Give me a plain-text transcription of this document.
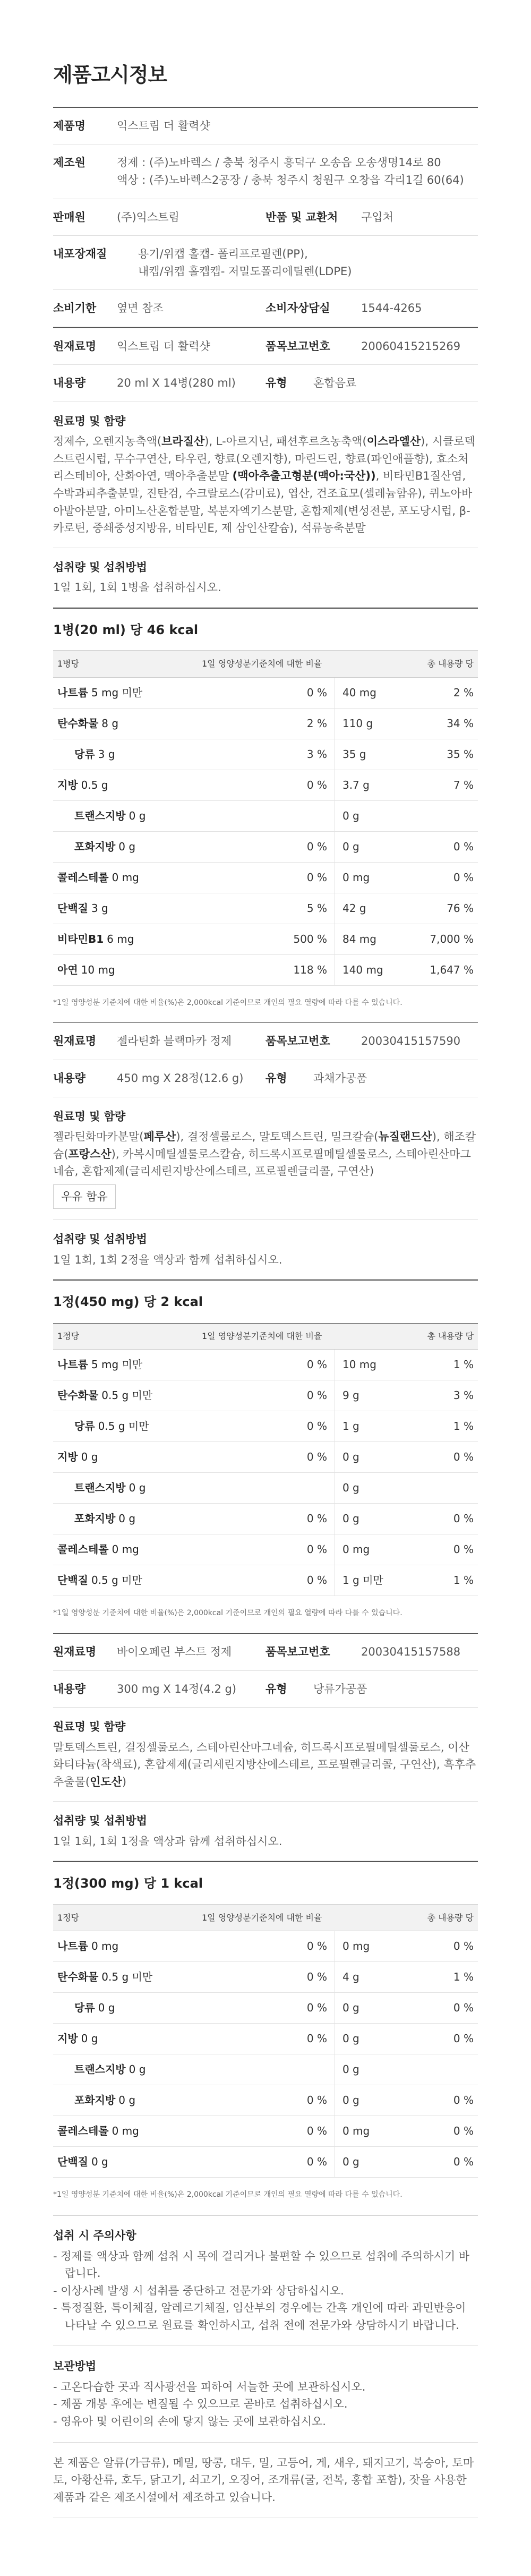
제품고시정보
제품명	익스트림 더 활력샷
제조원	정제 : (주)노바렉스 / 충북 청주시 흥덕구 오송읍 오송생명14로 80
액상 : (주)노바렉스2공장 / 충북 청주시 청원구 오창읍 각리1길 60(64)
판매원	(주)익스트림	반품 및 교환처	구입처
내포장재질	용기/위캡 홀캡- 폴리프로필렌(PP),
내캡/위캡 홀캡캡- 저밀도폴리에틸렌(LDPE)
소비기한	옆면 참조	소비자상담실	1544-4265
원재료명	익스트림 더 활력샷	품목보고번호	20060415215269
내용량	20 ml X 14병(280 ml)	유형	혼합음료
원료명 및 함량
정제수, 오렌지농축액(브라질산), L-아르지닌, 패션후르츠농축액(이스라엘산), 시클로덱스트린시럽, 무수구연산, 타우린, 향료(오렌지향), 마린드린, 향료(파인애플향), 효소처리스테비아, 산화아연, 맥아추출분말 (맥아추출고형분(맥아:국산)), 비타민B1질산염, 수박과피추출분말, 진탄검, 수크랄로스(감미료), 엽산, 건조효모(셀레늄함유), 퀴노아바아발아분말, 아미노산혼합분말, 복분자엑기스분말, 혼합제제(변성전분, 포도당시럽, β-카로틴, 중쇄중성지방유, 비타민E, 제 삼인산칼슘), 석류농축분말
섭취량 및 섭취방법
1일 1회, 1회 1병을 섭취하십시오.
1병(20 ml) 당 46 kcal
1병당	1일 영양성분기준치에 대한 비율		총 내용량 당
나트륨 5 mg 미만	0 %	40 mg	2 %
탄수화물 8 g	2 %	110 g	34 %
당류 3 g	3 %	35 g	35 %
지방 0.5 g	0 %	3.7 g	7 %
트랜스지방 0 g		0 g	
포화지방 0 g	0 %	0 g	0 %
콜레스테롤 0 mg	0 %	0 mg	0 %
단백질 3 g	5 %	42 g	76 %
비타민B1 6 mg	500 %	84 mg	7,000 %
아연 10 mg	118 %	140 mg	1,647 %
*1일 영양성분 기준치에 대한 비율(%)은 2,000kcal 기준이므로 개인의 필요 열량에 따라 다를 수 있습니다.
원재료명	젤라틴화 블랙마카 정제	품목보고번호	20030415157590
내용량	450 mg X 28정(12.6 g) 유형	과채가공품
원료명 및 함량
젤라틴화마카분말(페루산), 결정셀룰로스, 말토덱스트린, 밀크칼슘(뉴질랜드산), 해조칼슘(프랑스산), 카복시메틸셀룰로스칼슘, 히드록시프로필메틸셀룰로스, 스테아린산마그네슘, 혼합제제(글리세린지방산에스테르, 프로필렌글리콜, 구연산)
우유 함유
섭취량 및 섭취방법
1일 1회, 1회 2정을 액상과 함께 섭취하십시오.
1정(450 mg) 당 2 kcal
1정당	1일 영양성분기준치에 대한 비율		총 내용량 당
나트륨 5 mg 미만	0 %	10 mg	1 %
탄수화물 0.5 g 미만	0 %	9 g	3 %
당류 0.5 g 미만	0 %	1 g	1 %
지방 0 g	0 %	0 g	0 %
트랜스지방 0 g		0 g	
포화지방 0 g	0 %	0 g	0 %
콜레스테롤 0 mg	0 %	0 mg	0 %
단백질 0.5 g 미만	0 %	1 g 미만	1 %
*1일 영양성분 기준치에 대한 비율(%)은 2,000kcal 기준이므로 개인의 필요 열량에 따라 다를 수 있습니다.
원재료명	바이오페린 부스트 정제	품목보고번호	20030415157588
내용량	300 mg X 14정(4.2 g)	유형	당류가공품
원료명 및 함량
말토덱스트린, 결정셀룰로스, 스테아린산마그네슘, 히드록시프로필메틸셀룰로스, 이산화티타늄(착색료), 혼합제제(글리세린지방산에스테르, 프로필렌글리콜, 구연산), 흑후추추출물(인도산)
섭취량 및 섭취방법
1일 1회, 1회 1정을 액상과 함께 섭취하십시오.
1정(300 mg) 당 1 kcal
1정당	1일 영양성분기준치에 대한 비율		총 내용량 당
나트륨 0 mg	0 %	0 mg	0 %
탄수화물 0.5 g 미만	0 %	4 g	1 %
당류 0 g	0 %	0 g	0 %
지방 0 g	0 %	0 g	0 %
트랜스지방 0 g		0 g	
포화지방 0 g	0 %	0 g	0 %
콜레스테롤 0 mg	0 %	0 mg	0 %
단백질 0 g	0 %	0 g	0 %
*1일 영양성분 기준치에 대한 비율(%)은 2,000kcal 기준이므로 개인의 필요 열량에 따라 다를 수 있습니다.
섭취 시 주의사항
- 정제를 액상과 함께 섭취 시 목에 걸리거나 불편할 수 있으므로 섭취에 주의하시기 바랍니다.
- 이상사례 발생 시 섭취를 중단하고 전문가와 상담하십시오.
- 특정질환, 특이체질, 알레르기체질, 임산부의 경우에는 간혹 개인에 따라 과민반응이 나타날 수 있으므로 원료를 확인하시고, 섭취 전에 전문가와 상담하시기 바랍니다.
보관방법
- 고온다습한 곳과 직사광선을 피하여 서늘한 곳에 보관하십시오.
- 제품 개봉 후에는 변질될 수 있으므로 곧바로 섭취하십시오.
- 영유아 및 어린이의 손에 닿지 않는 곳에 보관하십시오.

본 제품은 알류(가금류), 메밀, 땅콩, 대두, 밀, 고등어, 게, 새우, 돼지고기, 복숭아, 토마토, 아황산류, 호두, 닭고기, 쇠고기, 오징어, 조개류(굴, 전복, 홍합 포함), 잣을 사용한 제품과 같은 제조시설에서 제조하고 있습니다.
